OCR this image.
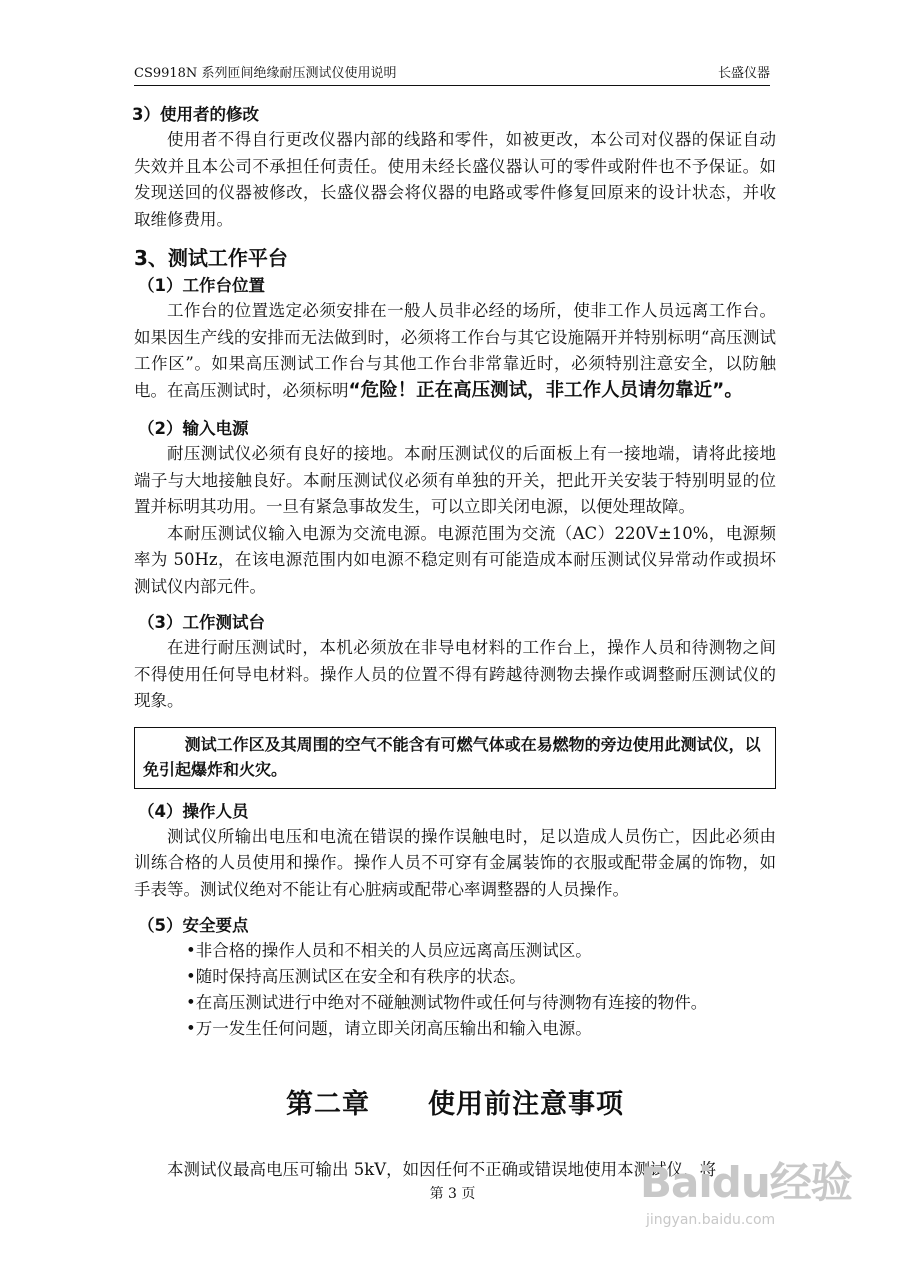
CS9918N 系列匝间绝缘耐压测试仪使用说明	长盛仪器

3）使用者的修改

使用者不得自行更改仪器内部的线路和零件，如被更改，本公司对仪器的保证自动失效并且本公司不承担任何责任。使用未经长盛仪器认可的零件或附件也不予保证。如发现送回的仪器被修改，长盛仪器会将仪器的电路或零件修复回原来的设计状态，并收取维修费用。

3、测试工作平台

（1）工作台位置

工作台的位置选定必须安排在一般人员非必经的场所，使非工作人员远离工作台。如果因生产线的安排而无法做到时，必须将工作台与其它设施隔开并特别标明“高压测试工作区”。如果高压测试工作台与其他工作台非常靠近时，必须特别注意安全，以防触电。在高压测试时，必须标明“危险！正在高压测试，非工作人员请勿靠近”。

（2）输入电源

耐压测试仪必须有良好的接地。本耐压测试仪的后面板上有一接地端，请将此接地端子与大地接触良好。本耐压测试仪必须有单独的开关，把此开关安装于特别明显的位置并标明其功用。一旦有紧急事故发生，可以立即关闭电源，以便处理故障。

本耐压测试仪输入电源为交流电源。电源范围为交流（AC）220V±10%，电源频率为 50Hz，在该电源范围内如电源不稳定则有可能造成本耐压测试仪异常动作或损坏测试仪内部元件。

（3）工作测试台

在进行耐压测试时，本机必须放在非导电材料的工作台上，操作人员和待测物之间不得使用任何导电材料。操作人员的位置不得有跨越待测物去操作或调整耐压测试仪的现象。

测试工作区及其周围的空气不能含有可燃气体或在易燃物的旁边使用此测试仪，以免引起爆炸和火灾。

（4）操作人员

测试仪所输出电压和电流在错误的操作误触电时，足以造成人员伤亡，因此必须由训练合格的人员使用和操作。操作人员不可穿有金属装饰的衣服或配带金属的饰物，如手表等。测试仪绝对不能让有心脏病或配带心率调整器的人员操作。

（5）安全要点

•非合格的操作人员和不相关的人员应远离高压测试区。
•随时保持高压测试区在安全和有秩序的状态。
•在高压测试进行中绝对不碰触测试物件或任何与待测物有连接的物件。
•万一发生任何问题，请立即关闭高压输出和输入电源。
第二章 使用前注意事项

本测试仪最高电压可输出 5kV，如因任何不正确或错误地使用本测试仪，将

第 3 页	Baidu经验
jingyan.baidu.com
